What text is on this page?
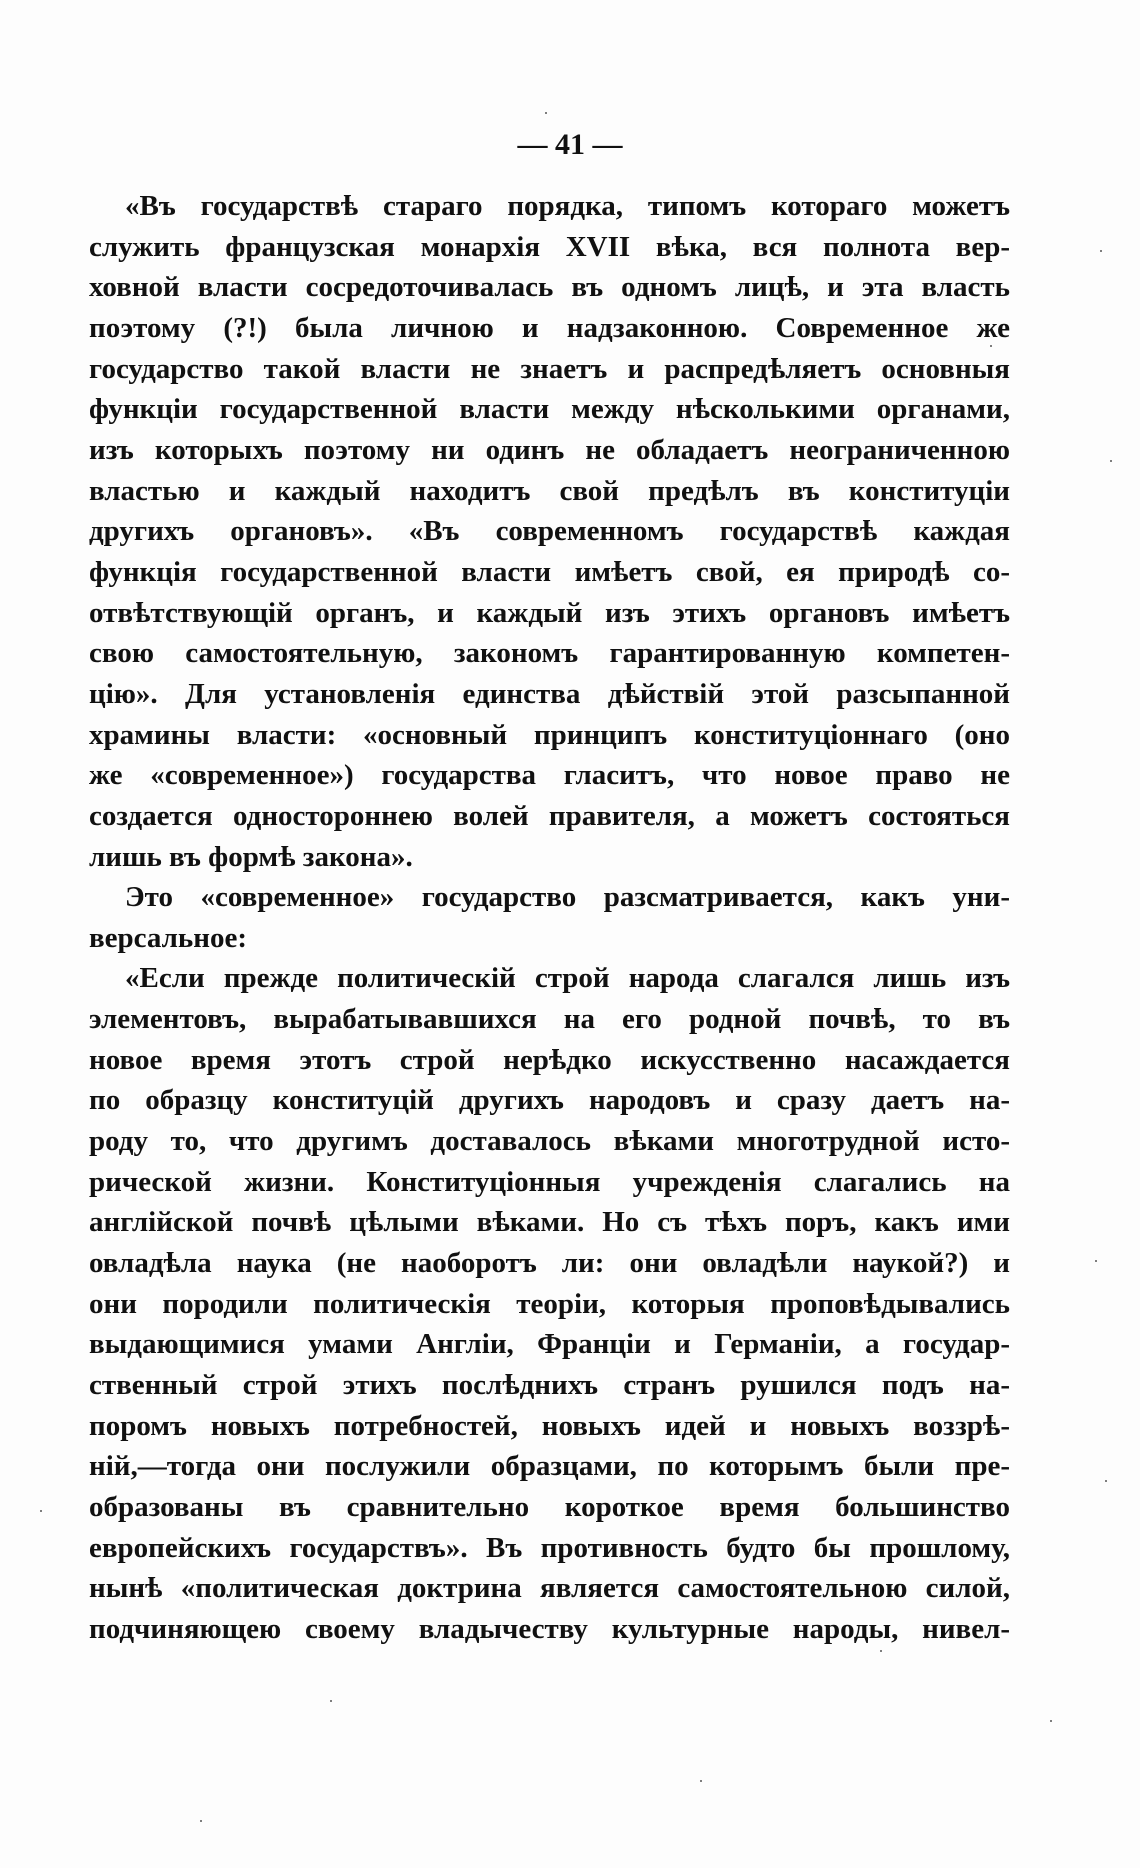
— 41 —
«Въ государствѣ стараго порядка, типомъ котораго можетъ
служить французская монархія XVII вѣка, вся полнота вер-
ховной власти сосредоточивалась въ одномъ лицѣ, и эта власть
поэтому (?!) была личною и надзаконною. Современное же
государство такой власти не знаетъ и распредѣляетъ основныя
функціи государственной власти между нѣсколькими органами,
изъ которыхъ поэтому ни одинъ не обладаетъ неограниченною
властью и каждый находитъ свой предѣлъ въ конституціи
другихъ органовъ». «Въ современномъ государствѣ каждая
функція государственной власти имѣетъ свой, ея природѣ со-
отвѣтствующій органъ, и каждый изъ этихъ органовъ имѣетъ
свою самостоятельную, закономъ гарантированную компетен-
цію». Для установленія единства дѣйствій этой разсыпанной
храмины власти: «основный принципъ конституціоннаго (оно
же «современное») государства гласитъ, что новое право не
создается одностороннею волей правителя, а можетъ состояться
лишь въ формѣ закона».
Это «современное» государство разсматривается, какъ уни-
версальное:
«Если прежде политическій строй народа слагался лишь изъ
элементовъ, вырабатывавшихся на его родной почвѣ, то въ
новое время этотъ строй нерѣдко искусственно насаждается
по образцу конституцій другихъ народовъ и сразу даетъ на-
роду то, что другимъ доставалось вѣками многотрудной исто-
рической жизни. Конституціонныя учрежденія слагались на
англійской почвѣ цѣлыми вѣками. Но съ тѣхъ поръ, какъ ими
овладѣла наука (не наоборотъ ли: они овладѣли наукой?) и
они породили политическія теоріи, которыя проповѣдывались
выдающимися умами Англіи, Франціи и Германіи, а государ-
ственный строй этихъ послѣднихъ странъ рушился подъ на-
поромъ новыхъ потребностей, новыхъ идей и новыхъ воззрѣ-
ній,—тогда они послужили образцами, по которымъ были пре-
образованы въ сравнительно короткое время большинство
европейскихъ государствъ». Въ противность будто бы прошлому,
нынѣ «политическая доктрина является самостоятельною силой,
подчиняющею своему владычеству культурные народы, нивел-
